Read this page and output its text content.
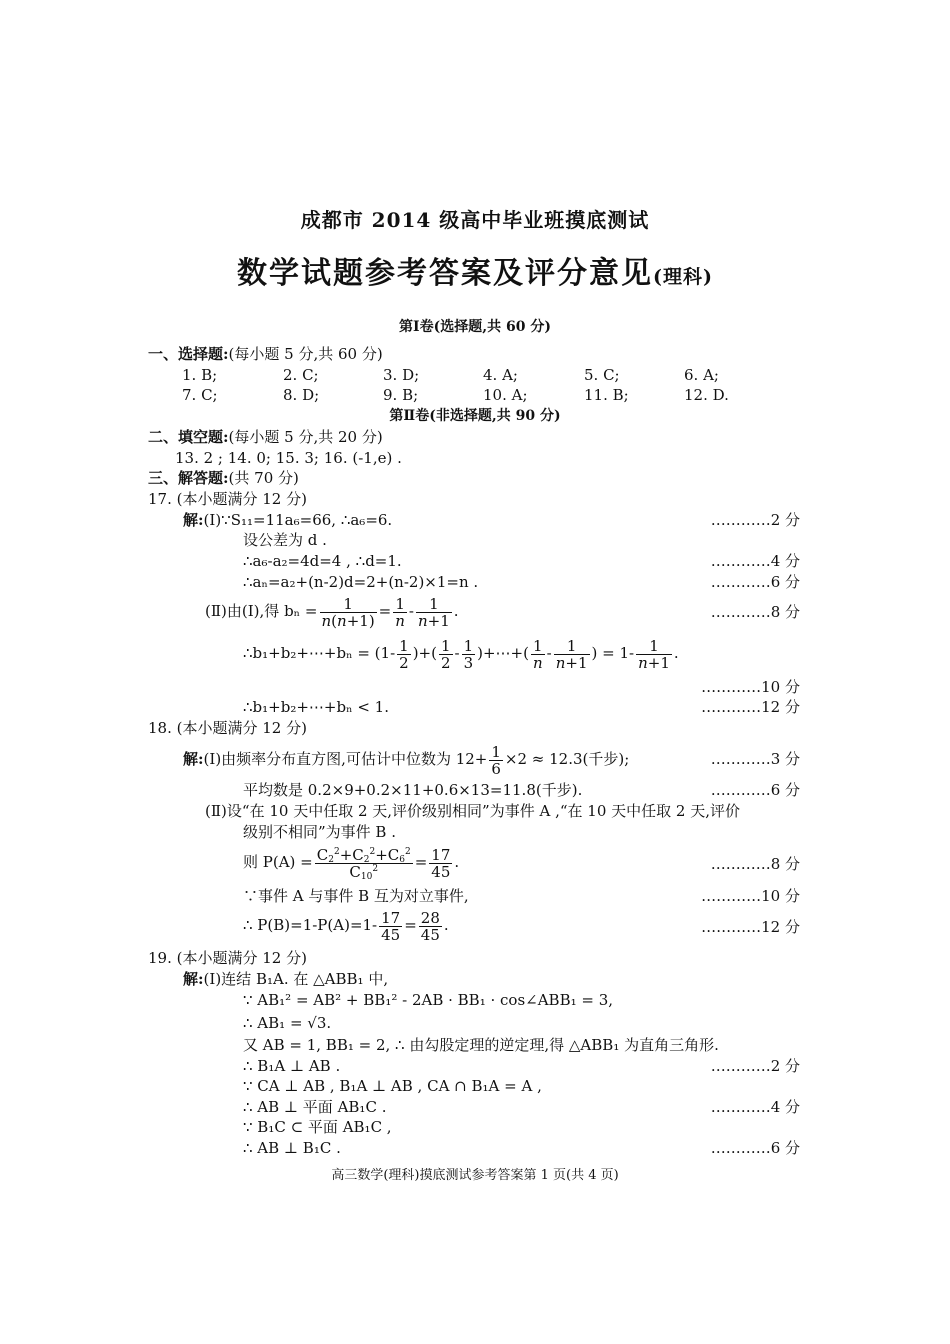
成都市 2014 级高中毕业班摸底测试
数学试题参考答案及评分意见(理科)
第Ⅰ卷(选择题,共 60 分)
一、选择题:(每小题 5 分,共 60 分)
1. B;	2. C;	3. D;	4. A;	5. C;	6. A;
7. C;	8. D;	9. B;	10. A;	11. B;	12. D.
第Ⅱ卷(非选择题,共 90 分)
二、填空题:(每小题 5 分,共 20 分)
13. 2 ; 14. 0; 15. 3; 16. (-1,e) .
三、解答题:(共 70 分)
17. (本小题满分 12 分)
解:(Ⅰ)∵S₁₁=11a₆=66, ∴a₆=6.	…………2 分
设公差为 d .
∴a₆-a₂=4d=4 , ∴d=1.	…………4 分
∴aₙ=a₂+(n-2)d=2+(n-2)×1=n .	…………6 分
(Ⅱ)由(Ⅰ),得 $b_n = \frac{1}{n(n+1)} = \frac{1}{n} - \frac{1}{n+1}$ .	…………8 分
∴b₁+b₂+⋯+bₙ = ($1- \frac{1}{2}$ )+( $\frac{1}{2} - \frac{1}{3}$ )+⋯+( $\frac{1}{n} - \frac{1}{n+1}$ ) = $1- \frac{1}{n+1}$ .
…………10 分
∴b₁+b₂+⋯+bₙ < 1.	…………12 分
18. (本小题满分 12 分)
解:(Ⅰ)由频率分布直方图,可估计中位数为 $12+ \frac{1}{6} \times 2 \approx 12.3$(千步);	…………3 分
平均数是 0.2×9+0.2×11+0.6×13=11.8(千步).	…………6 分
(Ⅱ)设“在 10 天中任取 2 天,评价级别相同”为事件 A ,“在 10 天中任取 2 天,评价
级别不相同”为事件 B .
则 $P(A) = \frac{C_2^2+C_2^2+C_6^2}{C_{10}^2} = \frac{17}{45}$ .	…………8 分
∵事件 A 与事件 B 互为对立事件,	…………10 分
∴ $P(B)=1-P(A)=1- \frac{17}{45} = \frac{28}{45}$ .	…………12 分
19. (本小题满分 12 分)
解:(Ⅰ)连结 B₁A. 在 △ABB₁ 中,
∵ AB₁² = AB² + BB₁² - 2AB · BB₁ · cos∠ABB₁ = 3,
∴ AB₁ = √3.
又 AB = 1, BB₁ = 2, ∴ 由勾股定理的逆定理,得 △ABB₁ 为直角三角形.
∴ B₁A ⊥ AB .	…………2 分
∵ CA ⊥ AB , B₁A ⊥ AB , CA ∩ B₁A = A ,
∴ AB ⊥ 平面 AB₁C .	…………4 分
∵ B₁C ⊂ 平面 AB₁C ,
∴ AB ⊥ B₁C .	…………6 分
高三数学(理科)摸底测试参考答案第 1 页(共 4 页)
